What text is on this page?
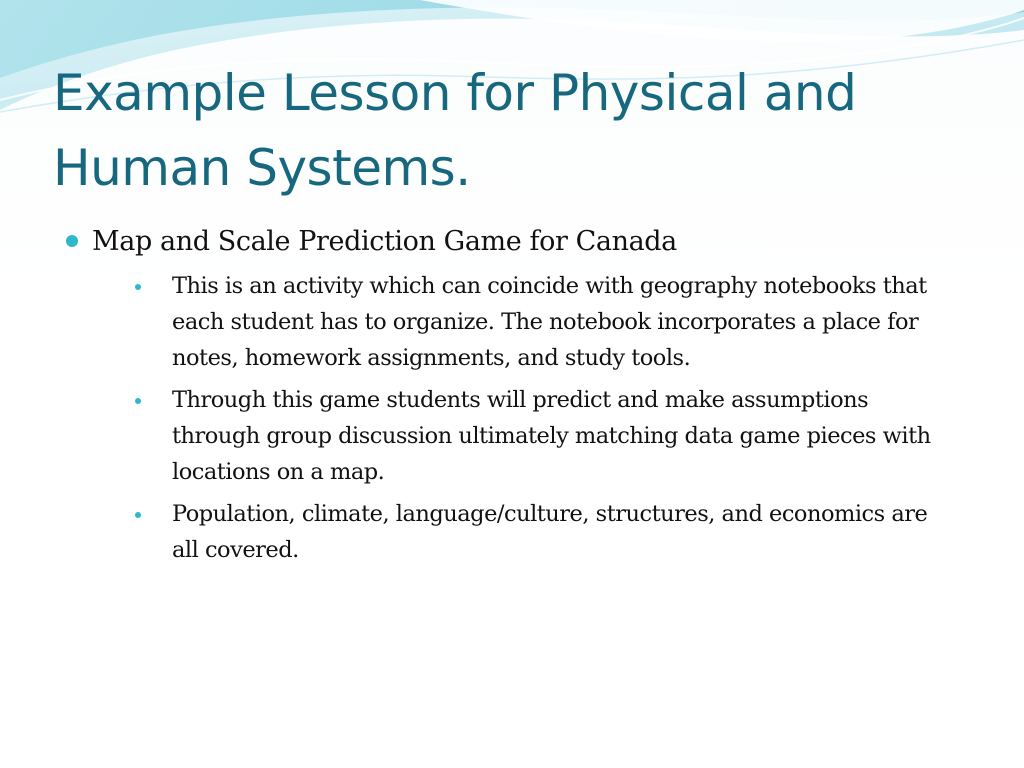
Example Lesson for Physical and Human Systems.
Map and Scale Prediction Game for Canada
This is an activity which can coincide with geography notebooks that each student has to organize. The notebook incorporates a place for notes, homework assignments, and study tools.
Through this game students will predict and make assumptions through group discussion ultimately matching data game pieces with locations on a map.
Population, climate, language/culture, structures, and economics are all covered.
